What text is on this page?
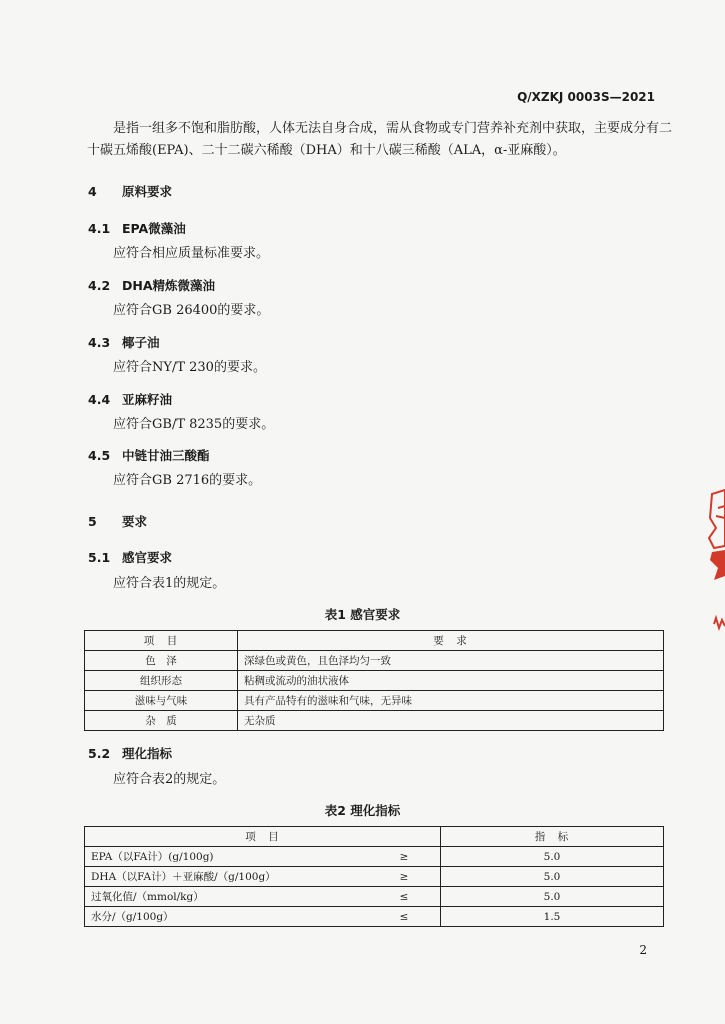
Q/XZKJ 0003S—2021
是指一组多不饱和脂肪酸，人体无法自身合成，需从食物或专门营养补充剂中获取，主要成分有二
十碳五烯酸(EPA)、二十二碳六稀酸（DHA）和十八碳三稀酸（ALA，α-亚麻酸）。
4 原料要求
4.1 EPA微藻油
应符合相应质量标准要求。
4.2 DHA精炼微藻油
应符合GB 26400的要求。
4.3 椰子油
应符合NY/T 230的要求。
4.4 亚麻籽油
应符合GB/T 8235的要求。
4.5 中链甘油三酸酯
应符合GB 2716的要求。
5 要求
5.1 感官要求
应符合表1的规定。
表1 感官要求
项　目	要　求
色　泽	深绿色或黄色，且色泽均匀一致
组织形态	粘稠或流动的油状液体
滋味与气味	具有产品特有的滋味和气味，无异味
杂　质	无杂质
5.2 理化指标
应符合表2的规定。
表2 理化指标
项　目		指　标
EPA（以FA计）(g/100g)	≥	5.0
DHA（以FA计）＋亚麻酸/（g/100g）	≥	5.0
过氧化值/（mmol/kg）	≤	5.0
水分/（g/100g）	≤	1.5
2
